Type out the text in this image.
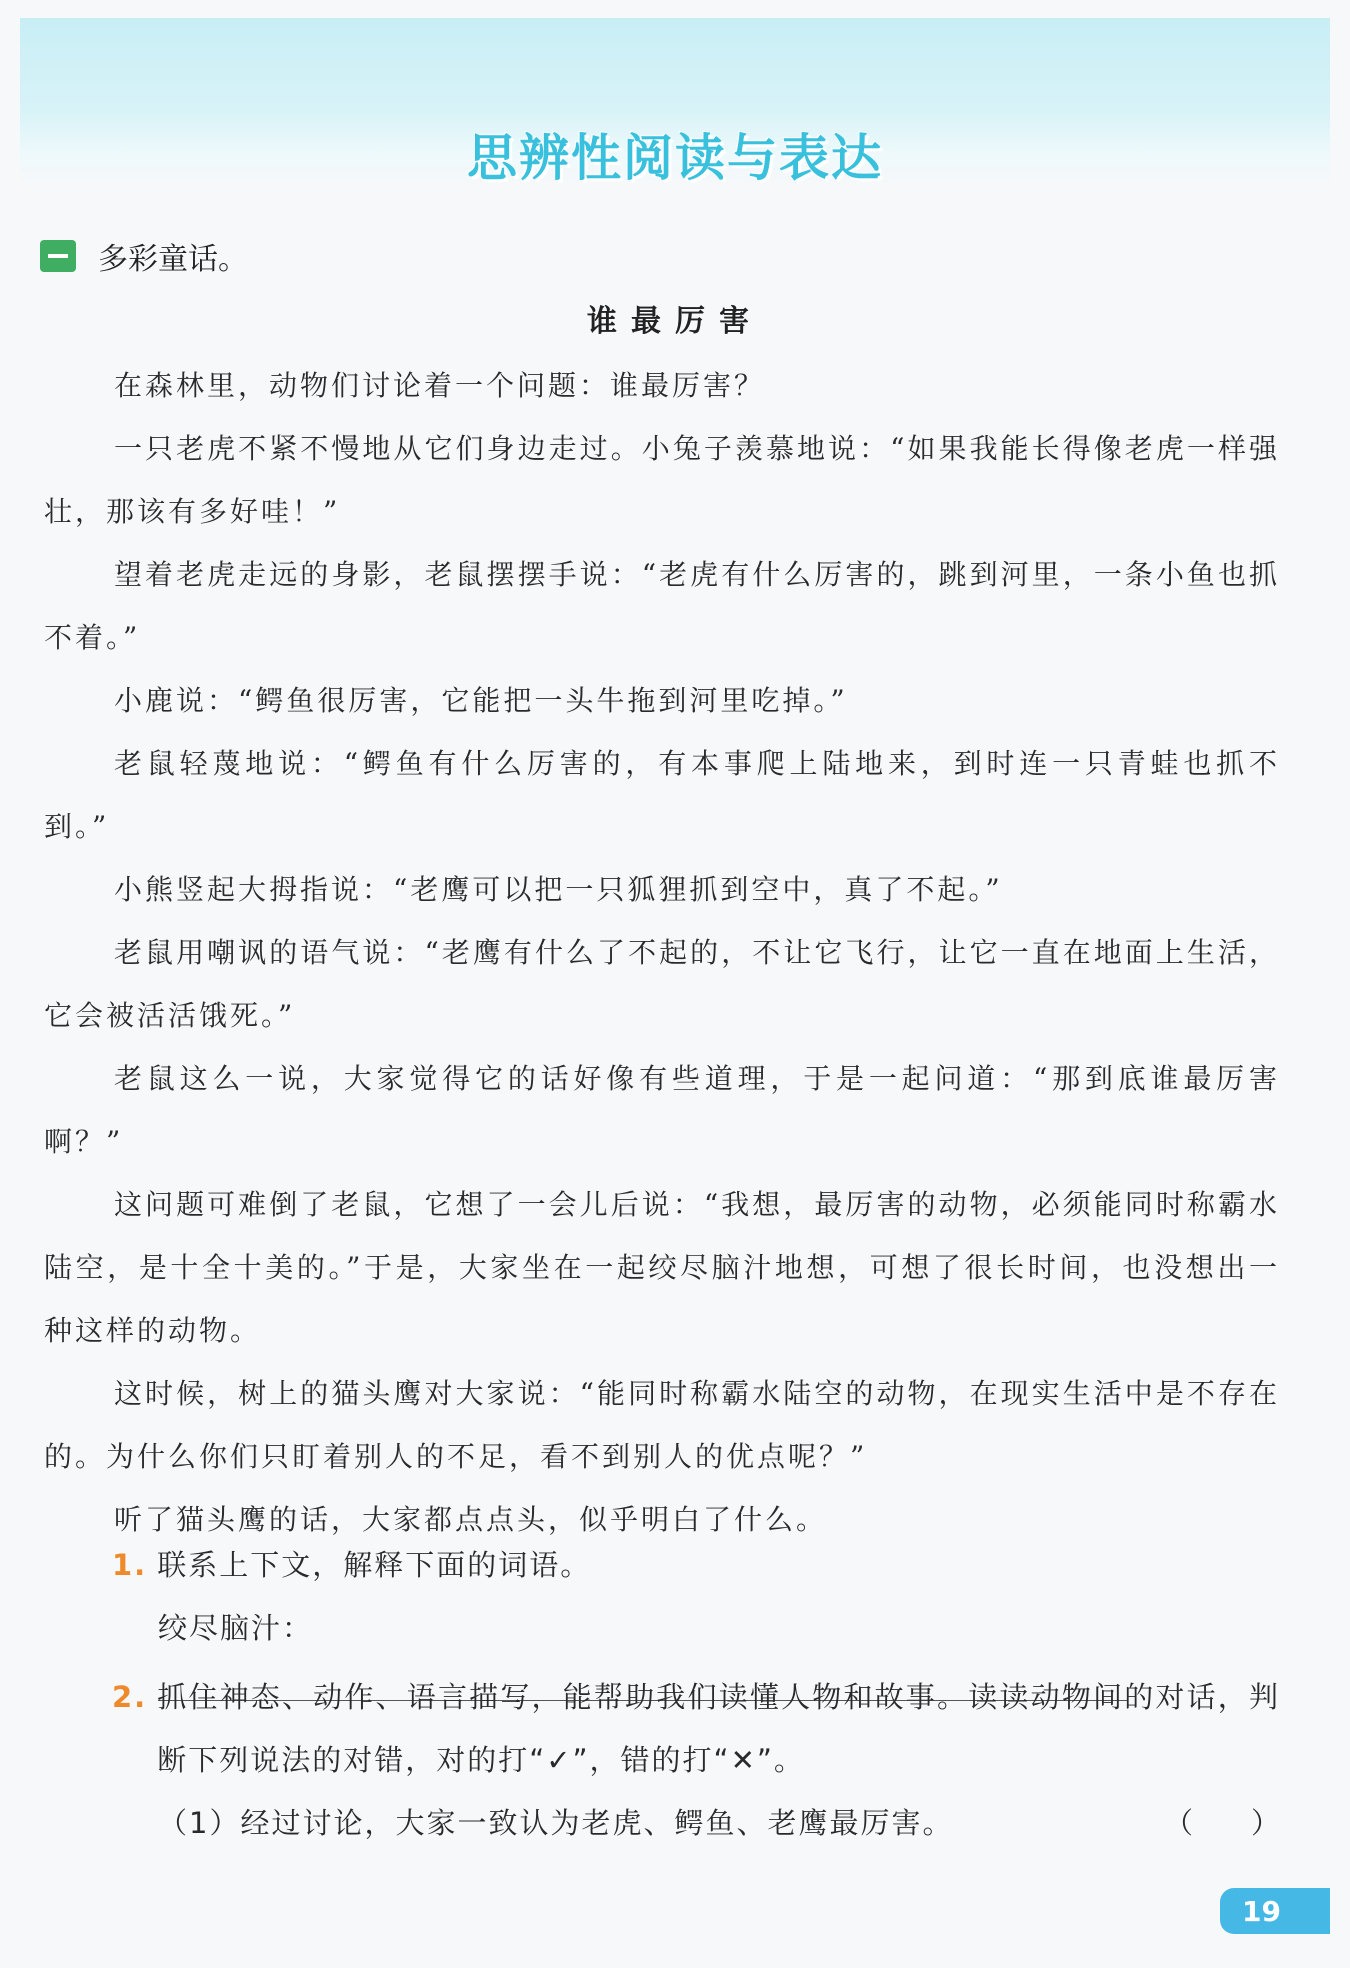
思辨性阅读与表达
多彩童话。
谁最厉害

在森林里，动物们讨论着一个问题：谁最厉害？

一只老虎不紧不慢地从它们身边走过。小兔子羡慕地说：“如果我能长得像老虎一样强壮，那该有多好哇！”

望着老虎走远的身影，老鼠摆摆手说：“老虎有什么厉害的，跳到河里，一条小鱼也抓不着。”

小鹿说：“鳄鱼很厉害，它能把一头牛拖到河里吃掉。”

老鼠轻蔑地说：“鳄鱼有什么厉害的，有本事爬上陆地来，到时连一只青蛙也抓不到。”

小熊竖起大拇指说：“老鹰可以把一只狐狸抓到空中，真了不起。”

老鼠用嘲讽的语气说：“老鹰有什么了不起的，不让它飞行，让它一直在地面上生活，它会被活活饿死。”

老鼠这么一说，大家觉得它的话好像有些道理，于是一起问道：“那到底谁最厉害啊？”

这问题可难倒了老鼠，它想了一会儿后说：“我想，最厉害的动物，必须能同时称霸水陆空，是十全十美的。”于是，大家坐在一起绞尽脑汁地想，可想了很长时间，也没想出一种这样的动物。

这时候，树上的猫头鹰对大家说：“能同时称霸水陆空的动物，在现实生活中是不存在的。为什么你们只盯着别人的不足，看不到别人的优点呢？”

听了猫头鹰的话，大家都点点头，似乎明白了什么。

1. 联系上下文，解释下面的词语。
绞尽脑汁：
2. 抓住神态、动作、语言描写，能帮助我们读懂人物和故事。读读动物间的对话，判断下列说法的对错，对的打“✓”，错的打“✕”。
（1）经过讨论，大家一致认为老虎、鳄鱼、老鹰最厉害。	（　　）
19
